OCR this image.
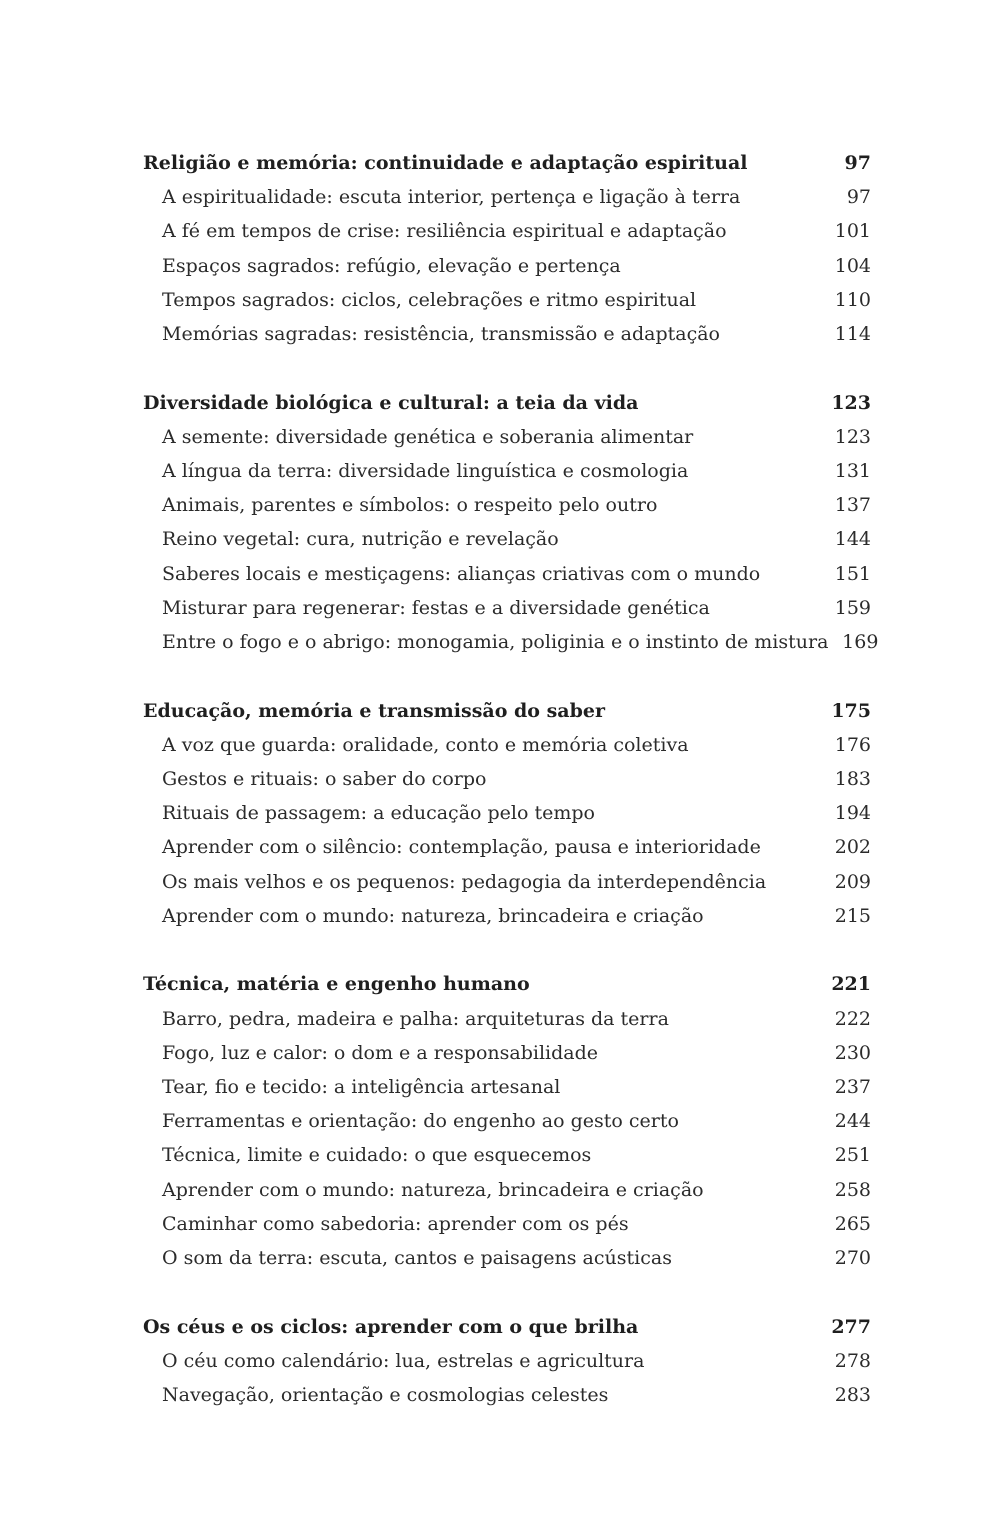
Religião e memória: continuidade e adaptação espiritual	97
A espiritualidade: escuta interior, pertença e ligação à terra	97
A fé em tempos de crise: resiliência espiritual e adaptação	101
Espaços sagrados: refúgio, elevação e pertença	104
Tempos sagrados: ciclos, celebrações e ritmo espiritual	110
Memórias sagradas: resistência, transmissão e adaptação	114
Diversidade biológica e cultural: a teia da vida	123
A semente: diversidade genética e soberania alimentar	123
A língua da terra: diversidade linguística e cosmologia	131
Animais, parentes e símbolos: o respeito pelo outro	137
Reino vegetal: cura, nutrição e revelação	144
Saberes locais e mestiçagens: alianças criativas com o mundo	151
Misturar para regenerar: festas e a diversidade genética	159
Entre o fogo e o abrigo: monogamia, poliginia e o instinto de mistura 169
Educação, memória e transmissão do saber	175
A voz que guarda: oralidade, conto e memória coletiva	176
Gestos e rituais: o saber do corpo	183
Rituais de passagem: a educação pelo tempo	194
Aprender com o silêncio: contemplação, pausa e interioridade	202
Os mais velhos e os pequenos: pedagogia da interdependência	209
Aprender com o mundo: natureza, brincadeira e criação	215
Técnica, matéria e engenho humano	221
Barro, pedra, madeira e palha: arquiteturas da terra	222
Fogo, luz e calor: o dom e a responsabilidade	230
Tear, fio e tecido: a inteligência artesanal	237
Ferramentas e orientação: do engenho ao gesto certo	244
Técnica, limite e cuidado: o que esquecemos	251
Aprender com o mundo: natureza, brincadeira e criação	258
Caminhar como sabedoria: aprender com os pés	265
O som da terra: escuta, cantos e paisagens acústicas	270
Os céus e os ciclos: aprender com o que brilha	277
O céu como calendário: lua, estrelas e agricultura	278
Navegação, orientação e cosmologias celestes	283
